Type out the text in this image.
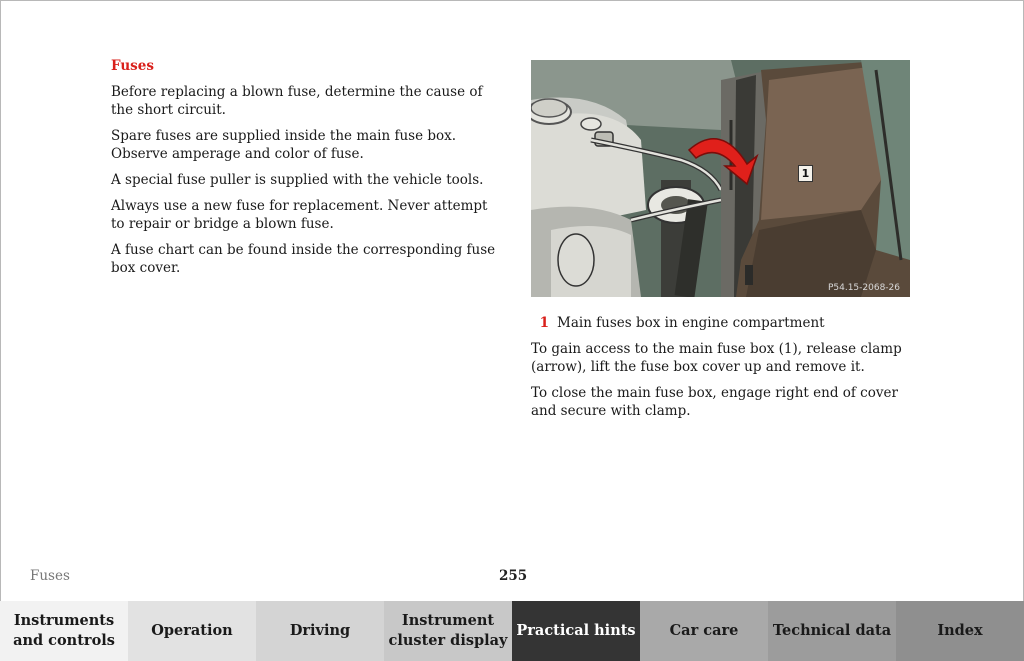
Fuses

Before replacing a blown fuse, determine the cause of the short circuit.

Spare fuses are supplied inside the main fuse box. Observe amperage and color of fuse.

A special fuse puller is supplied with the vehicle tools.

Always use a new fuse for replacement. Never attempt to repair or bridge a blown fuse.

A fuse chart can be found inside the corresponding fuse box cover.

1
P54.15-2068-26
1 Main fuses box in engine compartment

To gain access to the main fuse box (1), release clamp (arrow), lift the fuse box cover up and remove it.

To close the main fuse box, engage right end of cover and secure with clamp.

Fuses	255
Instruments and controls
Operation	Driving
Instrument cluster display
Practical hints Car care Technical data	Index
